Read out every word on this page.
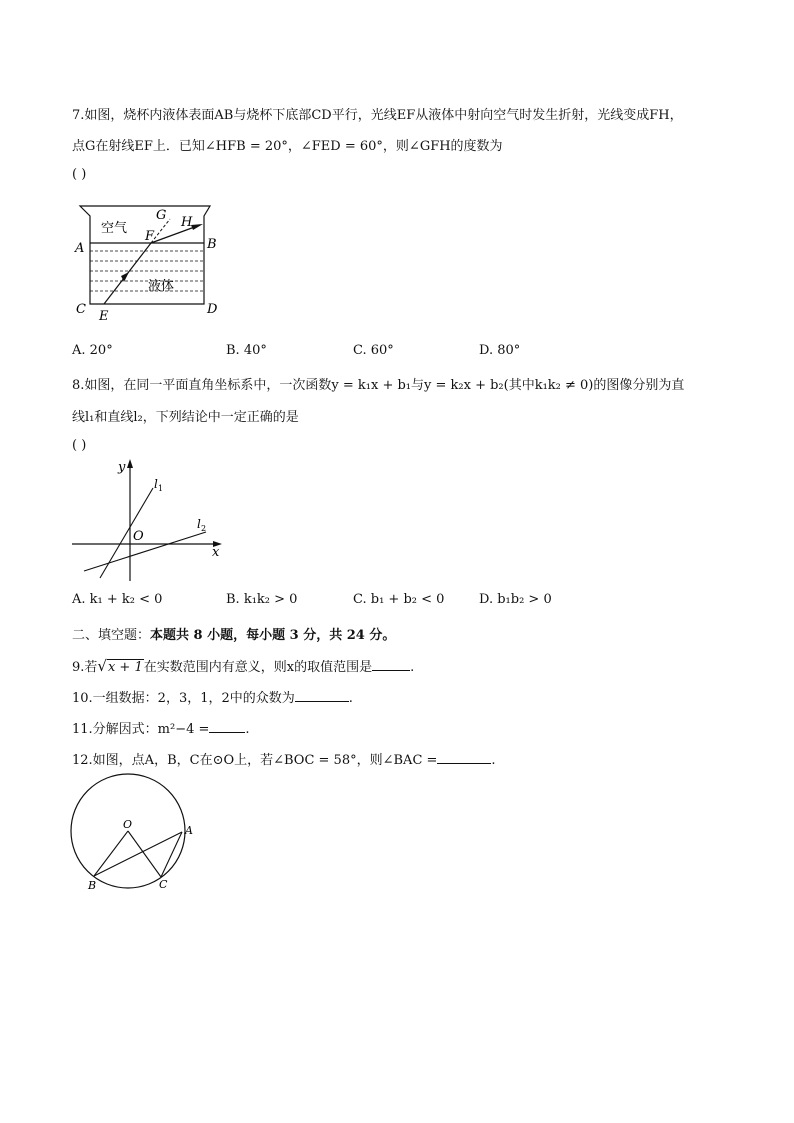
7.如图，烧杯内液体表面AB与烧杯下底部CD平行，光线EF从液体中射向空气时发生折射，光线变成FH，
点G在射线EF上．已知∠HFB = 20°，∠FED = 60°，则∠GFH的度数为
( )
空气
液体
A	B
C	D
E
F
G H
A. 20°	B. 40°	C. 60°	D. 80°
8.如图，在同一平面直角坐标系中，一次函数y = k₁x + b₁与y = k₂x + b₂(其中k₁k₂ ≠ 0)的图像分别为直
线l₁和直线l₂，下列结论中一定正确的是
( )
y
x
O
l 1
l 2
A. k₁ + k₂ < 0	B. k₁k₂ > 0	C. b₁ + b₂ < 0	D. b₁b₂ > 0
二、填空题：本题共 8 小题，每小题 3 分，共 24 分。
9.若√x + 1在实数范围内有意义，则x的取值范围是	.
10.一组数据：2，3，1，2中的众数为	.
11.分解因式：m²−4 =	.
12.如图，点A，B，C在⊙O上，若∠BOC = 58°，则∠BAC =	.
O	A
B	C
